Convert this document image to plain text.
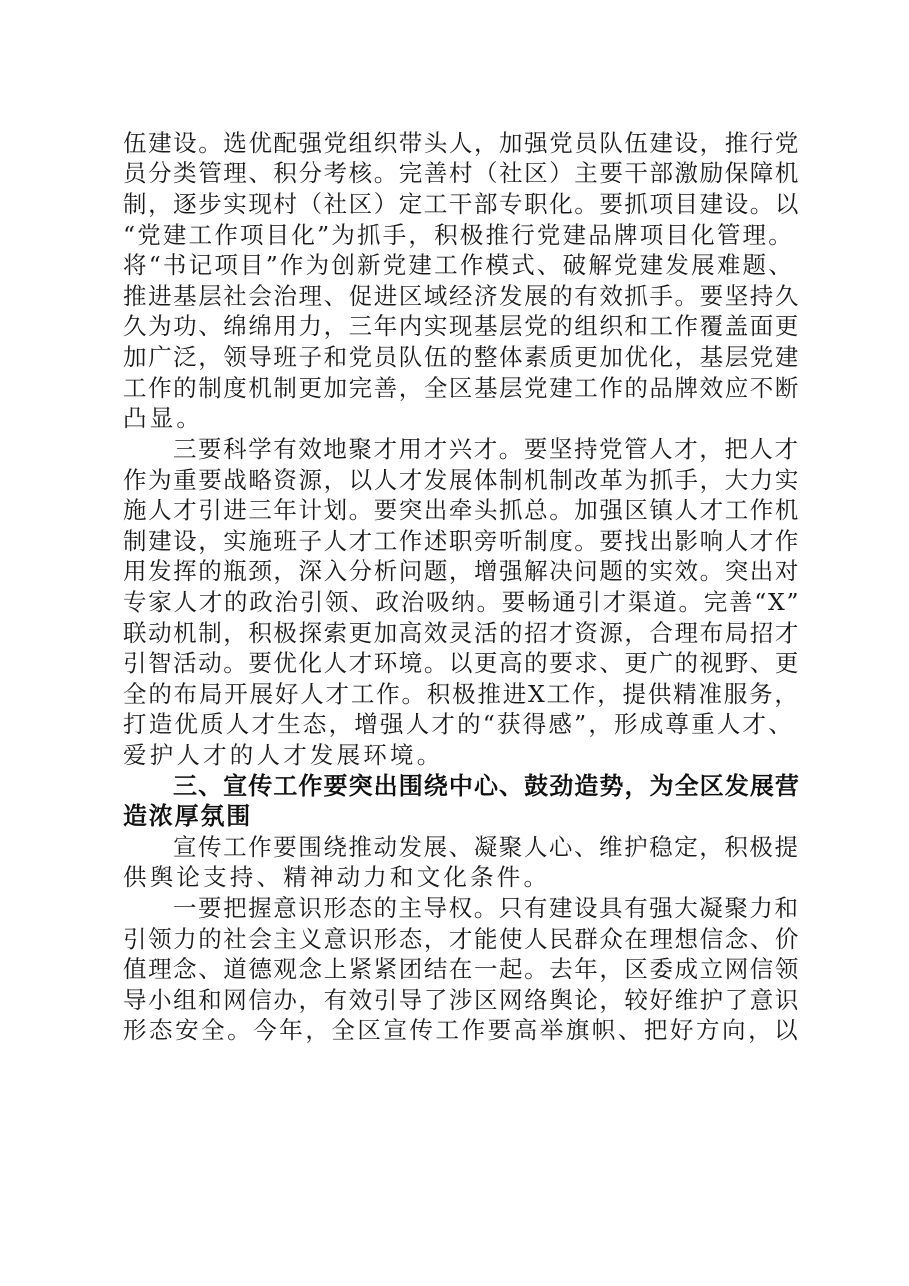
伍建设。选优配强党组织带头人，加强党员队伍建设，推行党
员分类管理、积分考核。完善村（社区）主要干部激励保障机
制，逐步实现村（社区）定工干部专职化。要抓项目建设。以
“党建工作项目化”为抓手，积极推行党建品牌项目化管理。
将“书记项目”作为创新党建工作模式、破解党建发展难题、
推进基层社会治理、促进区域经济发展的有效抓手。要坚持久
久为功、绵绵用力，三年内实现基层党的组织和工作覆盖面更
加广泛，领导班子和党员队伍的整体素质更加优化，基层党建
工作的制度机制更加完善，全区基层党建工作的品牌效应不断
凸显。
三要科学有效地聚才用才兴才。要坚持党管人才，把人才
作为重要战略资源，以人才发展体制机制改革为抓手，大力实
施人才引进三年计划。要突出牵头抓总。加强区镇人才工作机
制建设，实施班子人才工作述职旁听制度。要找出影响人才作
用发挥的瓶颈，深入分析问题，增强解决问题的实效。突出对
专家人才的政治引领、政治吸纳。要畅通引才渠道。完善“X”
联动机制，积极探索更加高效灵活的招才资源，合理布局招才
引智活动。要优化人才环境。以更高的要求、更广的视野、更
全的布局开展好人才工作。积极推进X工作，提供精准服务，
打造优质人才生态，增强人才的“获得感”，形成尊重人才、
爱护人才的人才发展环境。
三、宣传工作要突出围绕中心、鼓劲造势，为全区发展营
造浓厚氛围
宣传工作要围绕推动发展、凝聚人心、维护稳定，积极提
供舆论支持、精神动力和文化条件。
一要把握意识形态的主导权。只有建设具有强大凝聚力和
引领力的社会主义意识形态，才能使人民群众在理想信念、价
值理念、道德观念上紧紧团结在一起。去年，区委成立网信领
导小组和网信办，有效引导了涉区网络舆论，较好维护了意识
形态安全。今年，全区宣传工作要高举旗帜、把好方向，以
